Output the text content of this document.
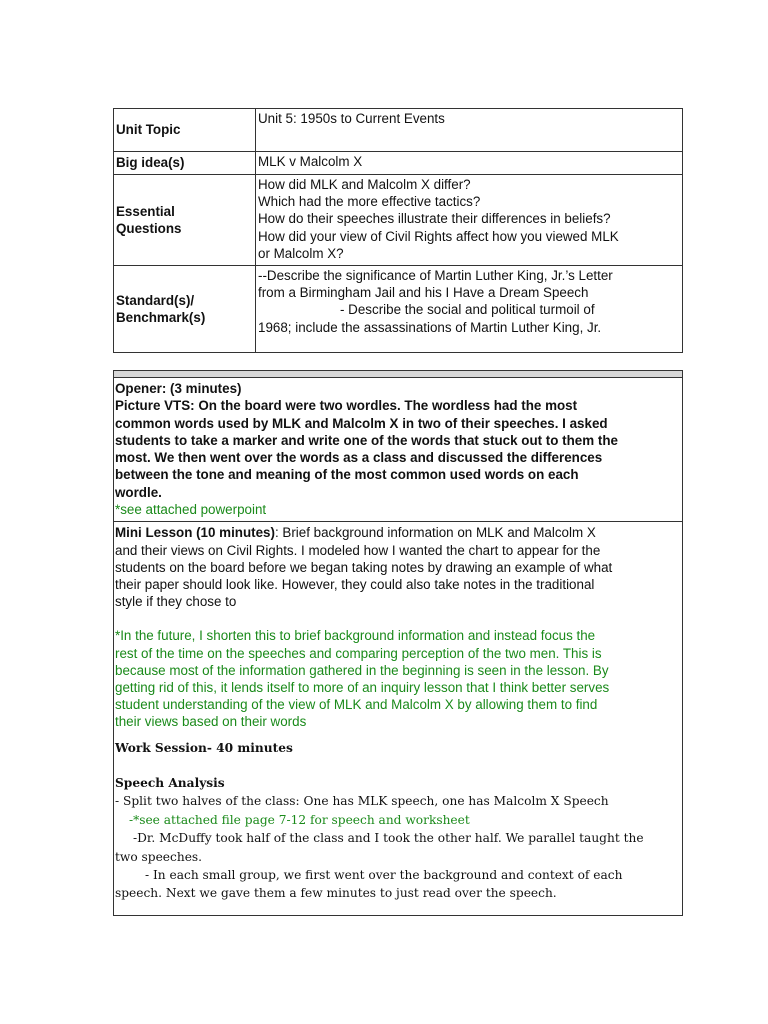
Unit Topic	Unit 5: 1950s to Current Events

Big idea(s)	MLK v Malcolm X

Essential
Questions	How did MLK and Malcolm X differ?
Which had the more effective tactics?
How do their speeches illustrate their differences in beliefs?
How did your view of Civil Rights affect how you viewed MLK
or Malcolm X?

Standard(s)/
Benchmark(s)	--Describe the significance of Martin Luther King, Jr.’s Letter
from a Birmingham Jail and his I Have a Dream Speech
- Describe the social and political turmoil of
1968; include the assassinations of Martin Luther King, Jr.
Opener: (3 minutes)
Picture VTS: On the board were two wordles. The wordless had the most
common words used by MLK and Malcolm X in two of their speeches. I asked
students to take a marker and write one of the words that stuck out to them the
most. We then went over the words as a class and discussed the differences
between the tone and meaning of the most common used words on each
wordle.
*see attached powerpoint
Mini Lesson (10 minutes): Brief background information on MLK and Malcolm X
and their views on Civil Rights. I modeled how I wanted the chart to appear for the
students on the board before we began taking notes by drawing an example of what
their paper should look like. However, they could also take notes in the traditional
style if they chose to
*In the future, I shorten this to brief background information and instead focus the
rest of the time on the speeches and comparing perception of the two men. This is
because most of the information gathered in the beginning is seen in the lesson. By
getting rid of this, it lends itself to more of an inquiry lesson that I think better serves
student understanding of the view of MLK and Malcolm X by allowing them to find
their views based on their words
Work Session- 40 minutes
Speech Analysis
- Split two halves of the class: One has MLK speech, one has Malcolm X Speech
-*see attached file page 7-12 for speech and worksheet
-Dr. McDuffy took half of the class and I took the other half. We parallel taught the
two speeches.
- In each small group, we first went over the background and context of each
speech. Next we gave them a few minutes to just read over the speech.
